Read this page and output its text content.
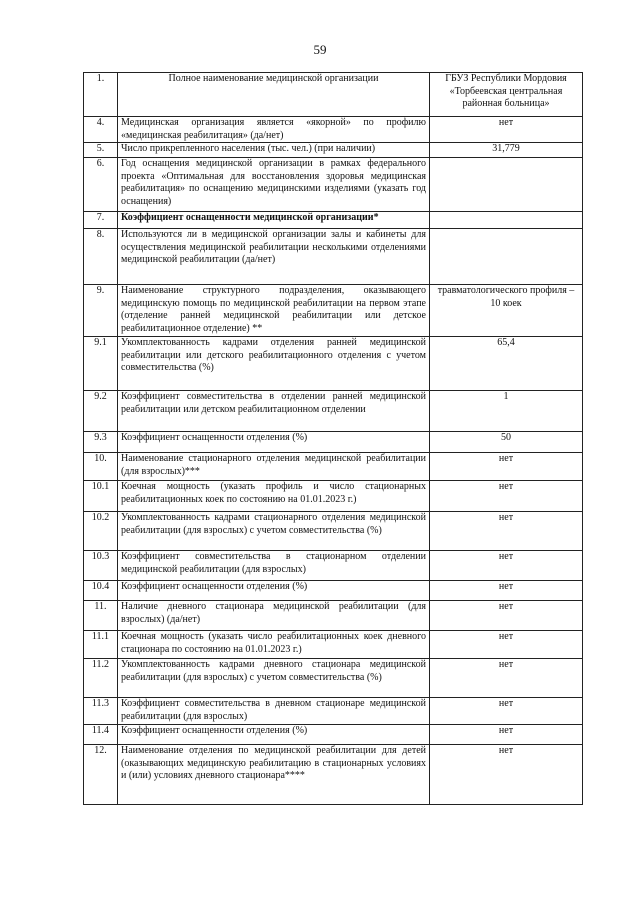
59
1.	Полное наименование медицинской организации	ГБУЗ Республики Мордовия «Торбеевская центральная районная больница»
4.	Медицинская организация является «якорной» по профилю «медицинская реабилитация» (да/нет)	нет
5.	Число прикрепленного населения (тыс. чел.) (при наличии)	31,779
6.	Год оснащения медицинской организации в рамках федерального проекта «Оптимальная для восстановления здоровья медицинская реабилитация» по оснащению медицинскими изделиями (указать год оснащения)	
7.	Коэффициент оснащенности медицинской организации*	
8.	Используются ли в медицинской организации залы и кабинеты для осуществления медицинской реабилитации несколькими отделениями медицинской реабилитации (да/нет)	
9.	Наименование структурного подразделения, оказывающего медицинскую помощь по медицинской реабилитации на первом этапе (отделение ранней медицинской реабилитации или детское реабилитационное отделение) **	травматологического профиля – 10 коек
9.1	Укомплектованность кадрами отделения ранней медицинской реабилитации или детского реабилитационного отделения с учетом совместительства (%)	65,4
9.2	Коэффициент совместительства в отделении ранней медицинской реабилитации или детском реабилитационном отделении	1
9.3	Коэффициент оснащенности отделения (%)	50
10.	Наименование стационарного отделения медицинской реабилитации (для взрослых)***	нет
10.1	Коечная мощность (указать профиль и число стационарных реабилитационных коек по состоянию на 01.01.2023 г.)	нет
10.2	Укомплектованность кадрами стационарного отделения медицинской реабилитации (для взрослых) с учетом совместительства (%)	нет
10.3	Коэффициент совместительства в стационарном отделении медицинской реабилитации (для взрослых)	нет
10.4	Коэффициент оснащенности отделения (%)	нет
11.	Наличие дневного стационара медицинской реабилитации (для взрослых) (да/нет)	нет
11.1	Коечная мощность (указать число реабилитационных коек дневного стационара по состоянию на 01.01.2023 г.)	нет
11.2	Укомплектованность кадрами дневного стационара медицинской реабилитации (для взрослых) с учетом совместительства (%)	нет
11.3	Коэффициент совместительства в дневном стационаре медицинской реабилитации (для взрослых)	нет
11.4	Коэффициент оснащенности отделения (%)	нет
12.	Наименование отделения по медицинской реабилитации для детей (оказывающих медицинскую реабилитацию в стационарных условиях и (или) условиях дневного стационара****	нет
